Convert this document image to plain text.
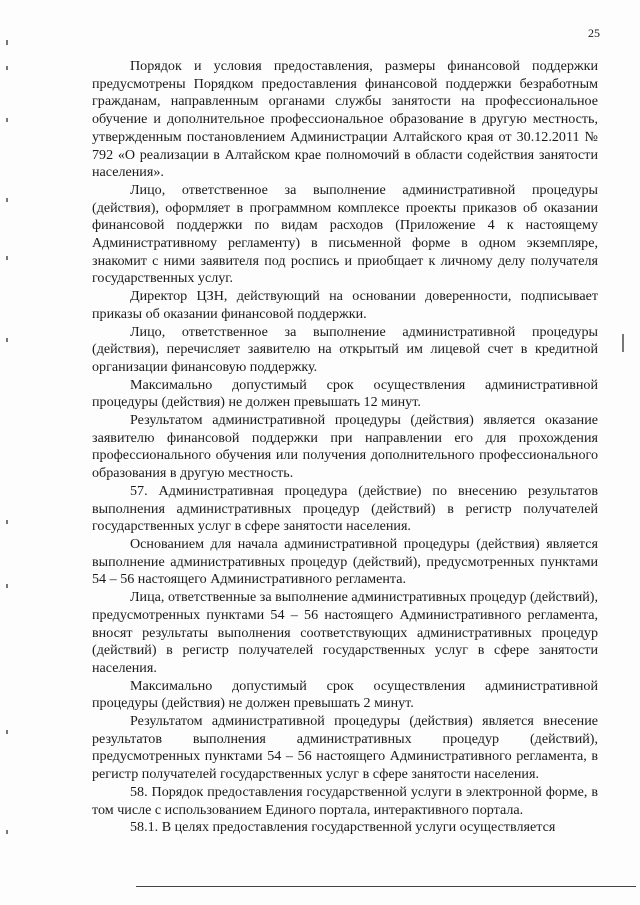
25

Порядок и условия предоставления, размеры финансовой поддержки предусмотрены Порядком предоставления финансовой поддержки безработным гражданам, направленным органами службы занятости на профессиональное обучение и дополнительное профессиональное образование в другую местность, утвержденным постановлением Администрации Алтайского края от 30.12.2011 № 792 «О реализации в Алтайском крае полномочий в области содействия занятости населения».

Лицо, ответственное за выполнение административной процедуры (действия), оформляет в программном комплексе проекты приказов об оказании финансовой поддержки по видам расходов (Приложение 4 к настоящему Административному регламенту) в письменной форме в одном экземпляре, знакомит с ними заявителя под роспись и приобщает к личному делу получателя государственных услуг.

Директор ЦЗН, действующий на основании доверенности, подписывает приказы об оказании финансовой поддержки.

Лицо, ответственное за выполнение административной процедуры (действия), перечисляет заявителю на открытый им лицевой счет в кредитной организации финансовую поддержку.

Максимально допустимый срок осуществления административной процедуры (действия) не должен превышать 12 минут.

Результатом административной процедуры (действия) является оказание заявителю финансовой поддержки при направлении его для прохождения профессионального обучения или получения дополнительного профессионального образования в другую местность.

57. Административная процедура (действие) по внесению результатов выполнения административных процедур (действий) в регистр получателей государственных услуг в сфере занятости населения.

Основанием для начала административной процедуры (действия) является выполнение административных процедур (действий), предусмотренных пунктами 54 – 56 настоящего Административного регламента.

Лица, ответственные за выполнение административных процедур (действий), предусмотренных пунктами 54 – 56 настоящего Административного регламента, вносят результаты выполнения соответствующих административных процедур (действий) в регистр получателей государственных услуг в сфере занятости населения.

Максимально допустимый срок осуществления административной процедуры (действия) не должен превышать 2 минут.

Результатом административной процедуры (действия) является внесение результатов выполнения административных процедур (действий), предусмотренных пунктами 54 – 56 настоящего Административного регламента, в регистр получателей государственных услуг в сфере занятости населения.

58. Порядок предоставления государственной услуги в электронной форме, в том числе с использованием Единого портала, интерактивного портала.

58.1. В целях предоставления государственной услуги осуществляется
